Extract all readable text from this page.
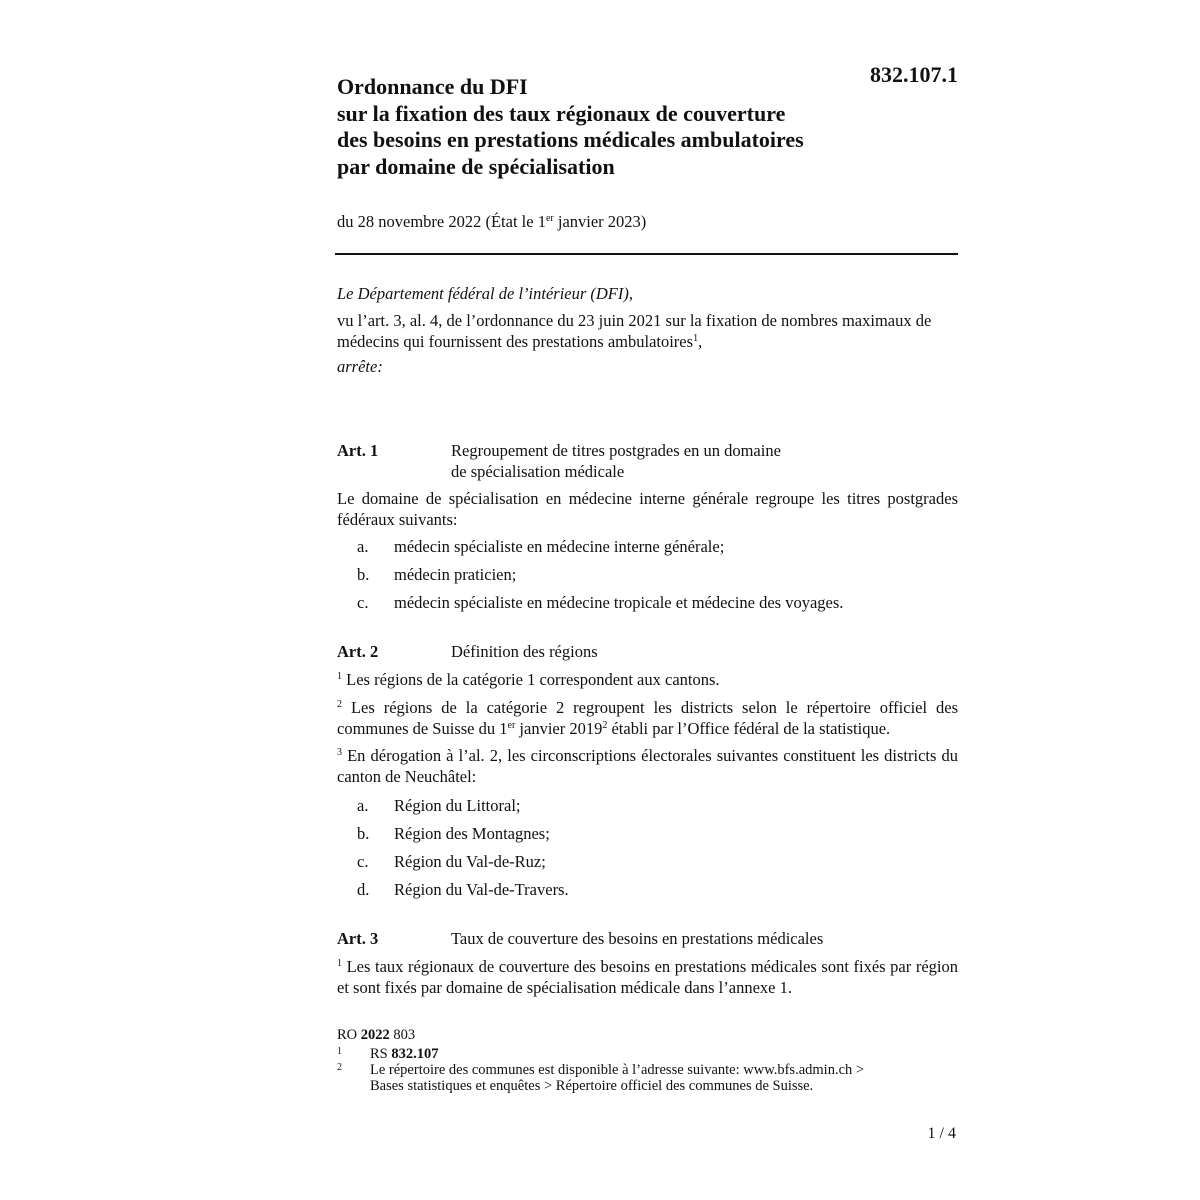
832.107.1
Ordonnance du DFI
sur la fixation des taux régionaux de couverture
des besoins en prestations médicales ambulatoires
par domaine de spécialisation
du 28 novembre 2022 (État le 1er janvier 2023)
Le Département fédéral de l’intérieur (DFI),
vu l’art. 3, al. 4, de l’ordonnance du 23 juin 2021 sur la fixation de nombres maximaux de médecins qui fournissent des prestations ambulatoires$^1$,
arrête:
Art. 1	Regroupement de titres postgrades en un domaine
de spécialisation médicale
Le domaine de spécialisation en médecine interne générale regroupe les titres postgrades fédéraux suivants:
a.	médecin spécialiste en médecine interne générale;
b.	médecin praticien;
c.	médecin spécialiste en médecine tropicale et médecine des voyages.
Art. 2	Définition des régions
$^1$ Les régions de la catégorie 1 correspondent aux cantons.
$^2$ Les régions de la catégorie 2 regroupent les districts selon le répertoire officiel des communes de Suisse du 1er janvier 2019$^2$ établi par l’Office fédéral de la statistique.
$^3$ En dérogation à l’al. 2, les circonscriptions électorales suivantes constituent les districts du canton de Neuchâtel:
a.	Région du Littoral;
b.	Région des Montagnes;
c.	Région du Val-de-Ruz;
d.	Région du Val-de-Travers.
Art. 3	Taux de couverture des besoins en prestations médicales
$^1$ Les taux régionaux de couverture des besoins en prestations médicales sont fixés par région et sont fixés par domaine de spécialisation médicale dans l’annexe 1.
RO 2022 803
1	RS 832.107
2	Le répertoire des communes est disponible à l’adresse suivante: www.bfs.admin.ch >
Bases statistiques et enquêtes > Répertoire officiel des communes de Suisse.
1 / 4
